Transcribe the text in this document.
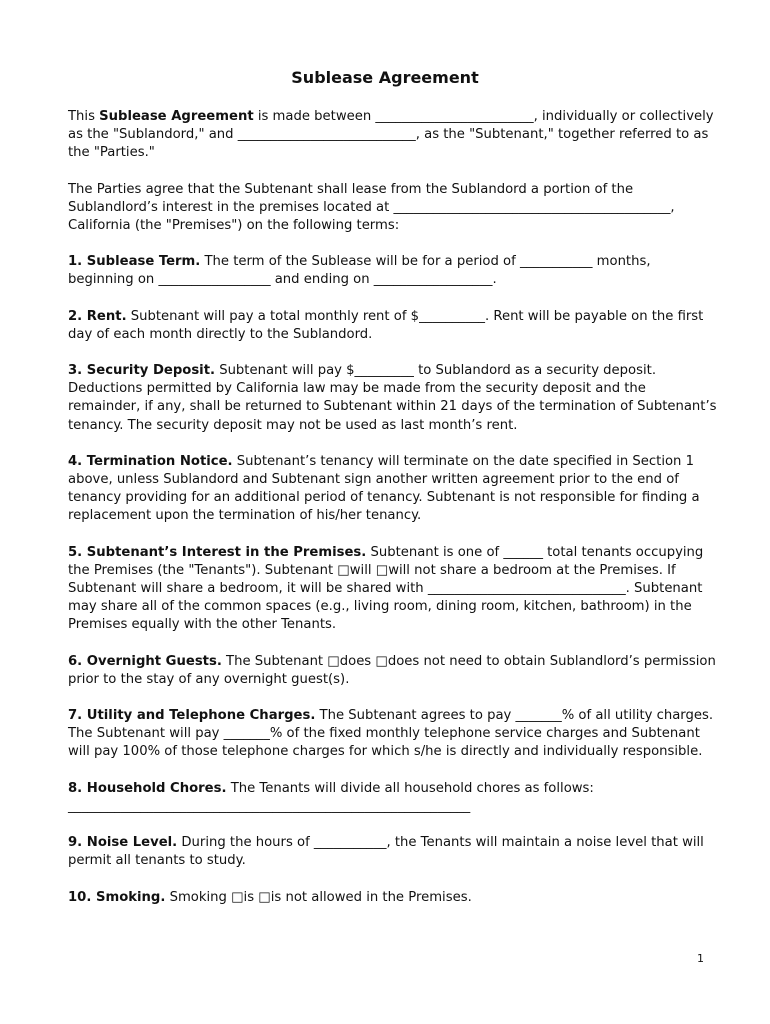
Sublease Agreement

This Sublease Agreement is made between ________________________, individually or collectively as the "Sublandord," and ___________________________, as the "Subtenant," together referred to as the "Parties."

The Parties agree that the Subtenant shall lease from the Sublandord a portion of the Sublandlord’s interest in the premises located at __________________________________________, California (the "Premises") on the following terms:

1. Sublease Term. The term of the Sublease will be for a period of ___________ months, beginning on _________________ and ending on __________________.

2. Rent. Subtenant will pay a total monthly rent of $__________. Rent will be payable on the first day of each month directly to the Sublandord.

3. Security Deposit. Subtenant will pay $_________ to Sublandord as a security deposit. Deductions permitted by California law may be made from the security deposit and the remainder, if any, shall be returned to Subtenant within 21 days of the termination of Subtenant’s tenancy. The security deposit may not be used as last month’s rent.

4. Termination Notice. Subtenant’s tenancy will terminate on the date specified in Section 1 above, unless Sublandord and Subtenant sign another written agreement prior to the end of tenancy providing for an additional period of tenancy. Subtenant is not responsible for finding a replacement upon the termination of his/her tenancy.

5. Subtenant’s Interest in the Premises. Subtenant is one of ______ total tenants occupying the Premises (the "Tenants"). Subtenant □will □will not share a bedroom at the Premises. If Subtenant will share a bedroom, it will be shared with ______________________________. Subtenant may share all of the common spaces (e.g., living room, dining room, kitchen, bathroom) in the Premises equally with the other Tenants.

6. Overnight Guests. The Subtenant □does □does not need to obtain Sublandlord’s permission prior to the stay of any overnight guest(s).

7. Utility and Telephone Charges. The Subtenant agrees to pay _______% of all utility charges. The Subtenant will pay _______% of the fixed monthly telephone service charges and Subtenant will pay 100% of those telephone charges for which s/he is directly and individually responsible.

8. Household Chores. The Tenants will divide all household chores as follows: _____________________________________________________________

9. Noise Level. During the hours of ___________, the Tenants will maintain a noise level that will permit all tenants to study.

10. Smoking. Smoking □is □is not allowed in the Premises.

1
